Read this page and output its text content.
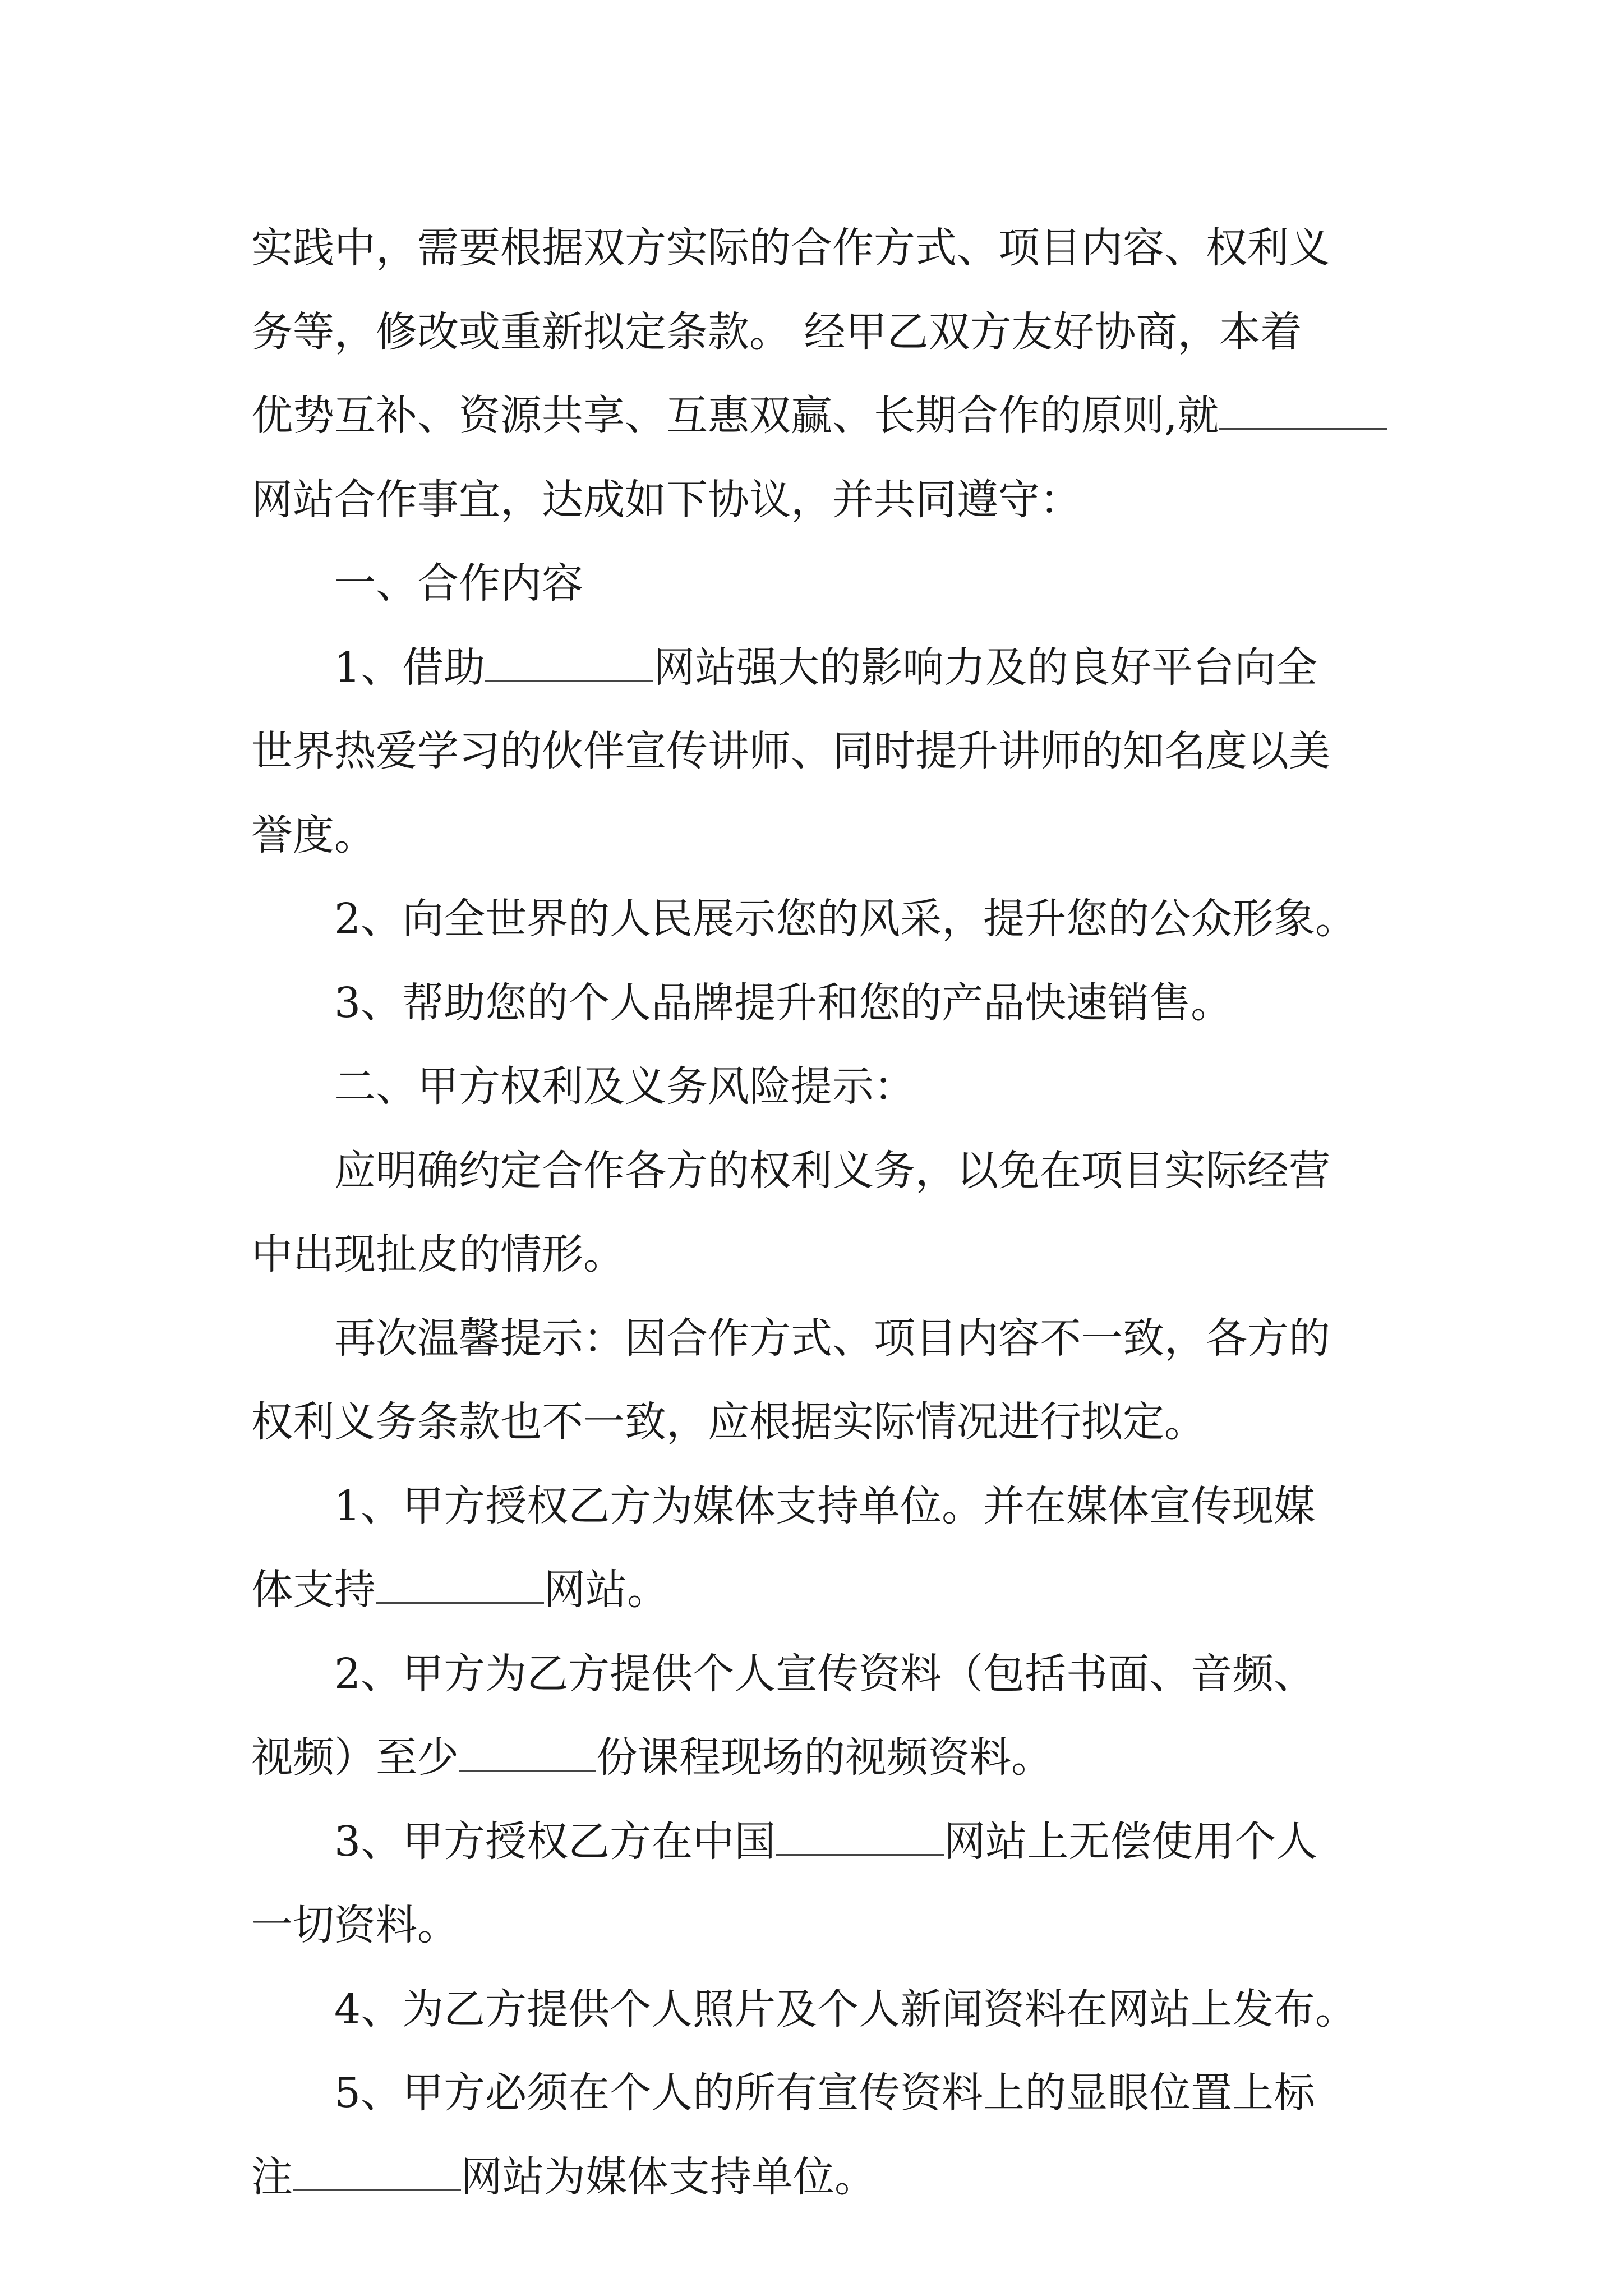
实践中，需要根据双方实际的合作方式、项目内容、权利义
务等，修改或重新拟定条款。 经甲乙双方友好协商，本着
优势互补、资源共享、互惠双赢、长期合作的原则,就
网站合作事宜，达成如下协议，并共同遵守：
一、合作内容
1、借助	网站强大的影响力及的良好平台向全
世界热爱学习的伙伴宣传讲师、同时提升讲师的知名度以美
誉度。
2、向全世界的人民展示您的风采，提升您的公众形象。
3、帮助您的个人品牌提升和您的产品快速销售。
二、甲方权利及义务风险提示：
应明确约定合作各方的权利义务，以免在项目实际经营
中出现扯皮的情形。
再次温馨提示：因合作方式、项目内容不一致，各方的
权利义务条款也不一致，应根据实际情况进行拟定。
1、甲方授权乙方为媒体支持单位。并在媒体宣传现媒
体支持	网站。
2、甲方为乙方提供个人宣传资料（包括书面、音频、
视频）至少	份课程现场的视频资料。
3、甲方授权乙方在中国	网站上无偿使用个人
一切资料。
4、为乙方提供个人照片及个人新闻资料在网站上发布。
5、甲方必须在个人的所有宣传资料上的显眼位置上标
注	网站为媒体支持单位。
